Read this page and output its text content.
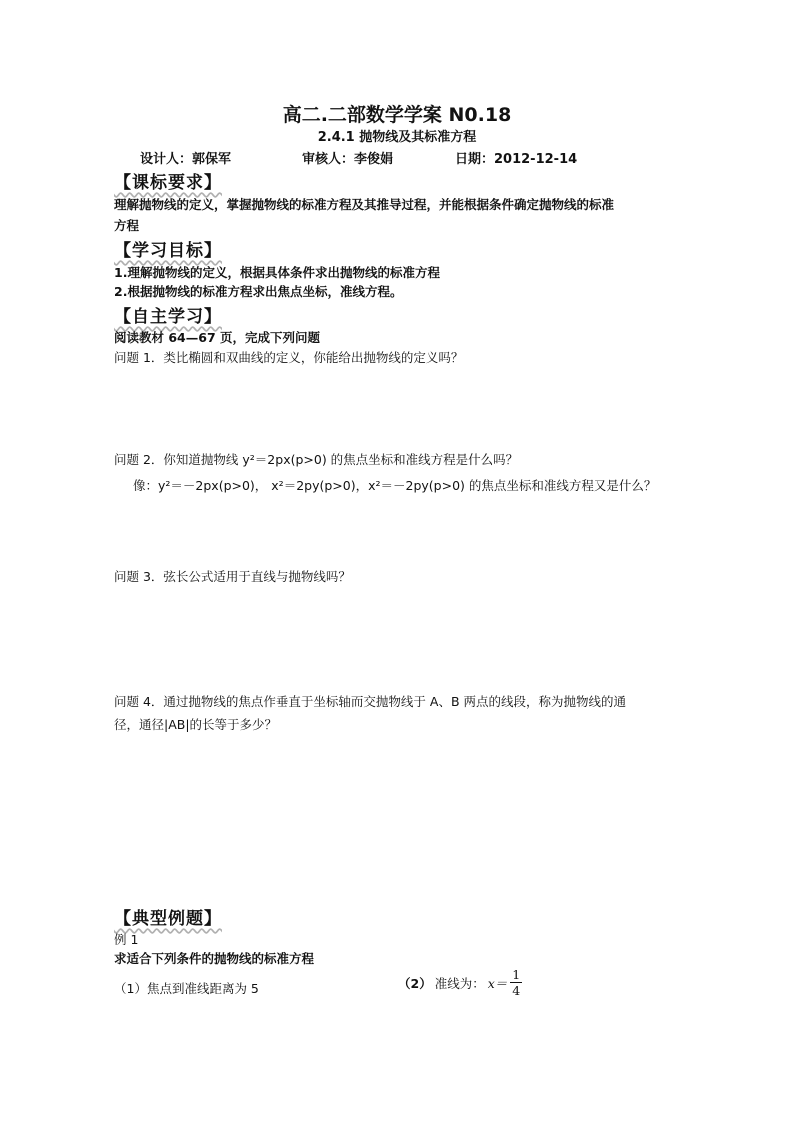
高二.二部数学学案 N0.18
2.4.1 抛物线及其标准方程
设计人：郭保军	审核人：李俊娟	日期：2012-12-14
【课标要求】
理解抛物线的定义，掌握抛物线的标准方程及其推导过程，并能根据条件确定抛物线的标准
方程
【学习目标】
1.理解抛物线的定义，根据具体条件求出抛物线的标准方程
2.根据抛物线的标准方程求出焦点坐标，准线方程。
【自主学习】
阅读教材 64—67 页，完成下列问题
问题 1．类比椭圆和双曲线的定义，你能给出抛物线的定义吗？
问题 2．你知道抛物线 y²＝2px(p>0) 的焦点坐标和准线方程是什么吗？
像：y²＝－2px(p>0)， x²＝2py(p>0)，x²＝－2py(p>0) 的焦点坐标和准线方程又是什么？
问题 3．弦长公式适用于直线与抛物线吗？
问题 4．通过抛物线的焦点作垂直于坐标轴而交抛物线于 A、B 两点的线段，称为抛物线的通
径，通径|AB|的长等于多少？
【典型例题】
例 1
求适合下列条件的抛物线的标准方程
（1）焦点到准线距离为 5	（2） 准线为： $x= \frac{1}{4}$
